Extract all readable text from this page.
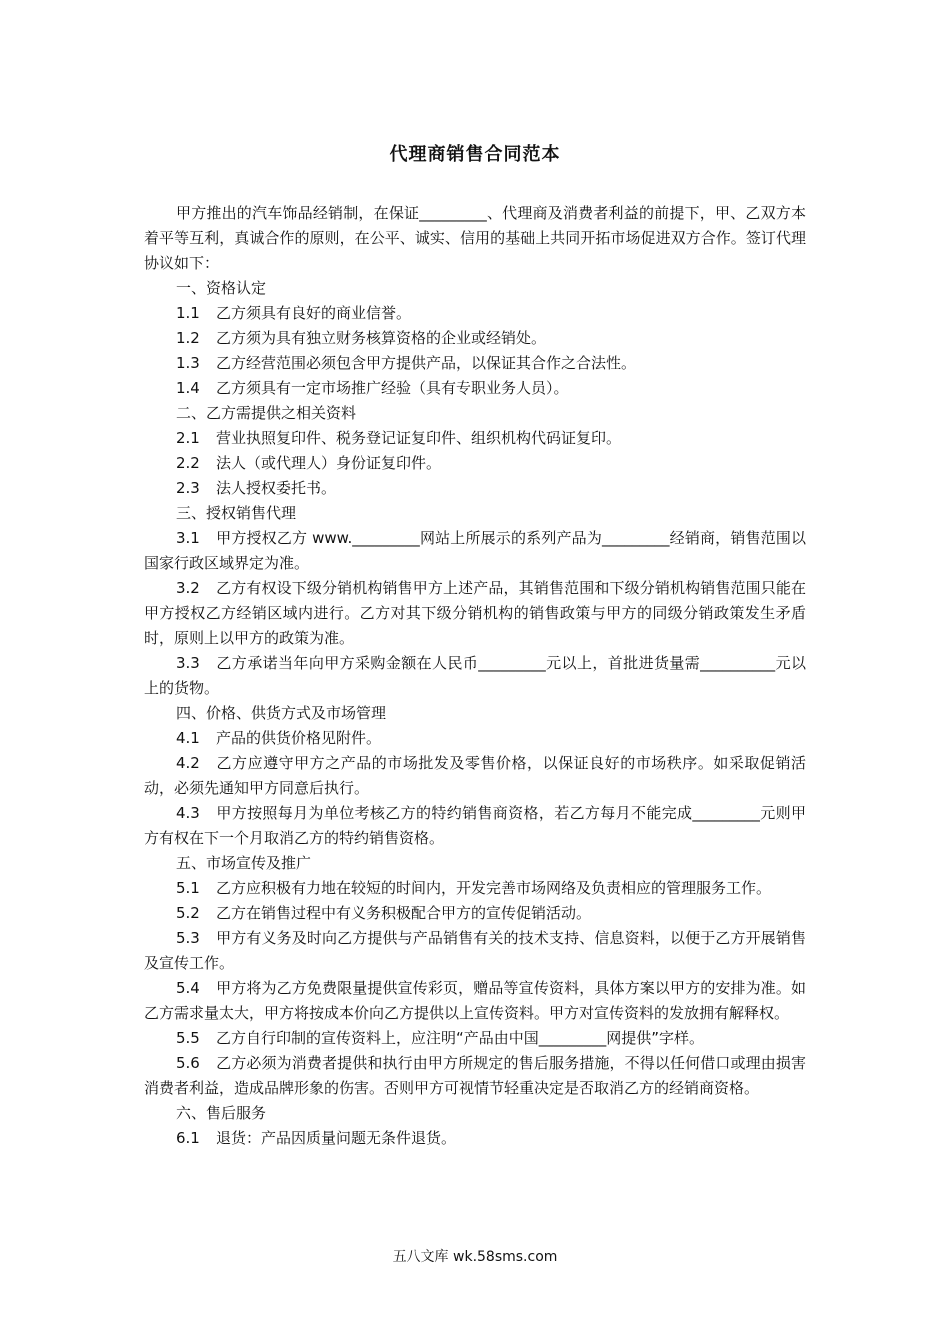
代理商销售合同范本

甲方推出的汽车饰品经销制，在保证_________、代理商及消费者利益的前提下，甲、乙双方本着平等互利，真诚合作的原则，在公平、诚实、信用的基础上共同开拓市场促进双方合作。签订代理协议如下：

一、资格认定

1.1 乙方须具有良好的商业信誉。

1.2 乙方须为具有独立财务核算资格的企业或经销处。

1.3 乙方经营范围必须包含甲方提供产品，以保证其合作之合法性。

1.4 乙方须具有一定市场推广经验（具有专职业务人员）。

二、乙方需提供之相关资料

2.1 营业执照复印件、税务登记证复印件、组织机构代码证复印。

2.2 法人（或代理人）身份证复印件。

2.3 法人授权委托书。

三、授权销售代理

3.1 甲方授权乙方 www._________网站上所展示的系列产品为_________经销商，销售范围以国家行政区域界定为准。

3.2 乙方有权设下级分销机构销售甲方上述产品，其销售范围和下级分销机构销售范围只能在甲方授权乙方经销区域内进行。乙方对其下级分销机构的销售政策与甲方的同级分销政策发生矛盾时，原则上以甲方的政策为准。

3.3 乙方承诺当年向甲方采购金额在人民币_________元以上，首批进货量需__________元以上的货物。

四、价格、供货方式及市场管理

4.1 产品的供货价格见附件。

4.2 乙方应遵守甲方之产品的市场批发及零售价格，以保证良好的市场秩序。如采取促销活动，必须先通知甲方同意后执行。

4.3 甲方按照每月为单位考核乙方的特约销售商资格，若乙方每月不能完成_________元则甲方有权在下一个月取消乙方的特约销售资格。

五、市场宣传及推广

5.1 乙方应积极有力地在较短的时间内，开发完善市场网络及负责相应的管理服务工作。

5.2 乙方在销售过程中有义务积极配合甲方的宣传促销活动。

5.3 甲方有义务及时向乙方提供与产品销售有关的技术支持、信息资料，以便于乙方开展销售及宣传工作。

5.4 甲方将为乙方免费限量提供宣传彩页，赠品等宣传资料，具体方案以甲方的安排为准。如乙方需求量太大，甲方将按成本价向乙方提供以上宣传资料。甲方对宣传资料的发放拥有解释权。

5.5 乙方自行印制的宣传资料上，应注明“产品由中国_________网提供”字样。

5.6 乙方必须为消费者提供和执行由甲方所规定的售后服务措施，不得以任何借口或理由损害消费者利益，造成品牌形象的伤害。否则甲方可视情节轻重决定是否取消乙方的经销商资格。

六、售后服务

6.1 退货：产品因质量问题无条件退货。

五八文库 wk.58sms.com
